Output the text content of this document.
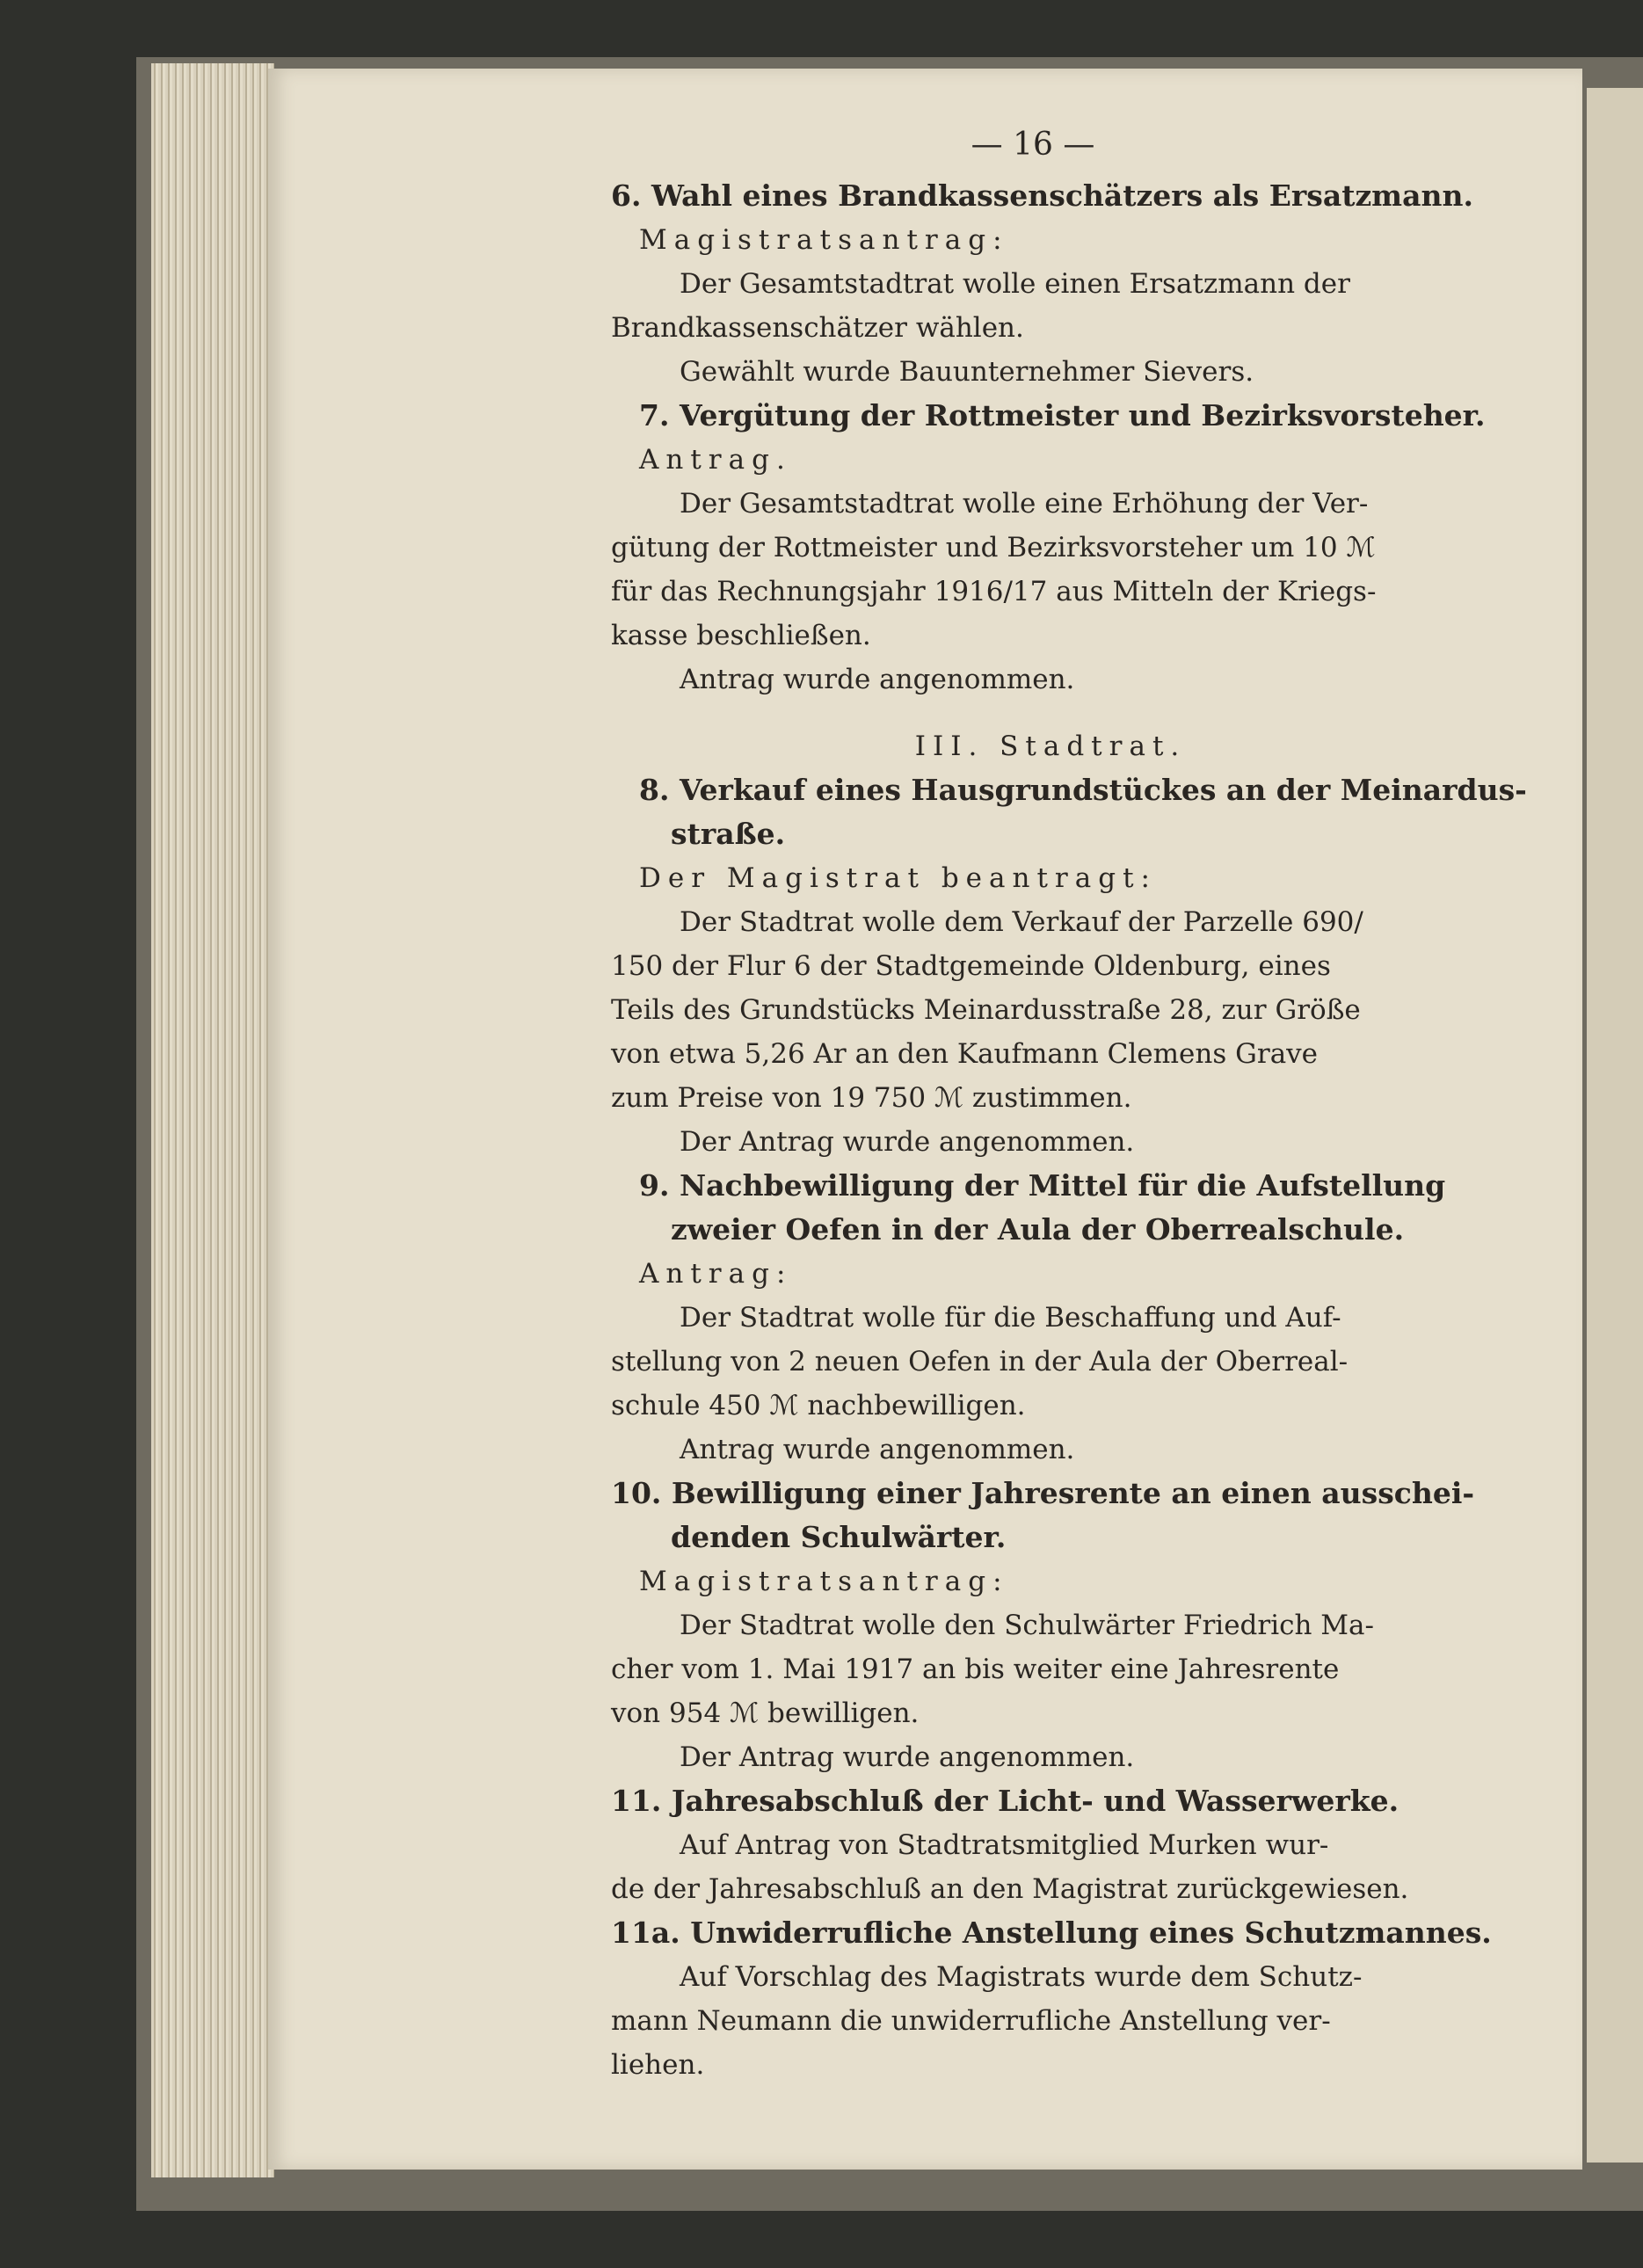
— 16 —

6. Wahl eines Brandkassenschätzers als Ersatzmann.

Magistratsantrag:

Der Gesamtstadtrat wolle einen Ersatzmann der

Brandkassenschätzer wählen.

Gewählt wurde Bauunternehmer Sievers.

7. Vergütung der Rottmeister und Bezirksvorsteher.

Antrag.

Der Gesamtstadtrat wolle eine Erhöhung der Ver-

gütung der Rottmeister und Bezirksvorsteher um 10 ℳ

für das Rechnungsjahr 1916/17 aus Mitteln der Kriegs-

kasse beschließen.

Antrag wurde angenommen.

III. Stadtrat.

8. Verkauf eines Hausgrundstückes an der Meinardus-

straße.

Der Magistrat beantragt:

Der Stadtrat wolle dem Verkauf der Parzelle 690/

150 der Flur 6 der Stadtgemeinde Oldenburg, eines

Teils des Grundstücks Meinardusstraße 28, zur Größe

von etwa 5,26 Ar an den Kaufmann Clemens Grave

zum Preise von 19 750 ℳ zustimmen.

Der Antrag wurde angenommen.

9. Nachbewilligung der Mittel für die Aufstellung

zweier Oefen in der Aula der Oberrealschule.

Antrag:

Der Stadtrat wolle für die Beschaffung und Auf-

stellung von 2 neuen Oefen in der Aula der Oberreal-

schule 450 ℳ nachbewilligen.

Antrag wurde angenommen.

10. Bewilligung einer Jahresrente an einen ausschei-

denden Schulwärter.

Magistratsantrag:

Der Stadtrat wolle den Schulwärter Friedrich Ma-

cher vom 1. Mai 1917 an bis weiter eine Jahresrente

von 954 ℳ bewilligen.

Der Antrag wurde angenommen.

11. Jahresabschluß der Licht- und Wasserwerke.

Auf Antrag von Stadtratsmitglied Murken wur-

de der Jahresabschluß an den Magistrat zurückgewiesen.

11a. Unwiderrufliche Anstellung eines Schutzmannes.

Auf Vorschlag des Magistrats wurde dem Schutz-

mann Neumann die unwiderrufliche Anstellung ver-

liehen.
